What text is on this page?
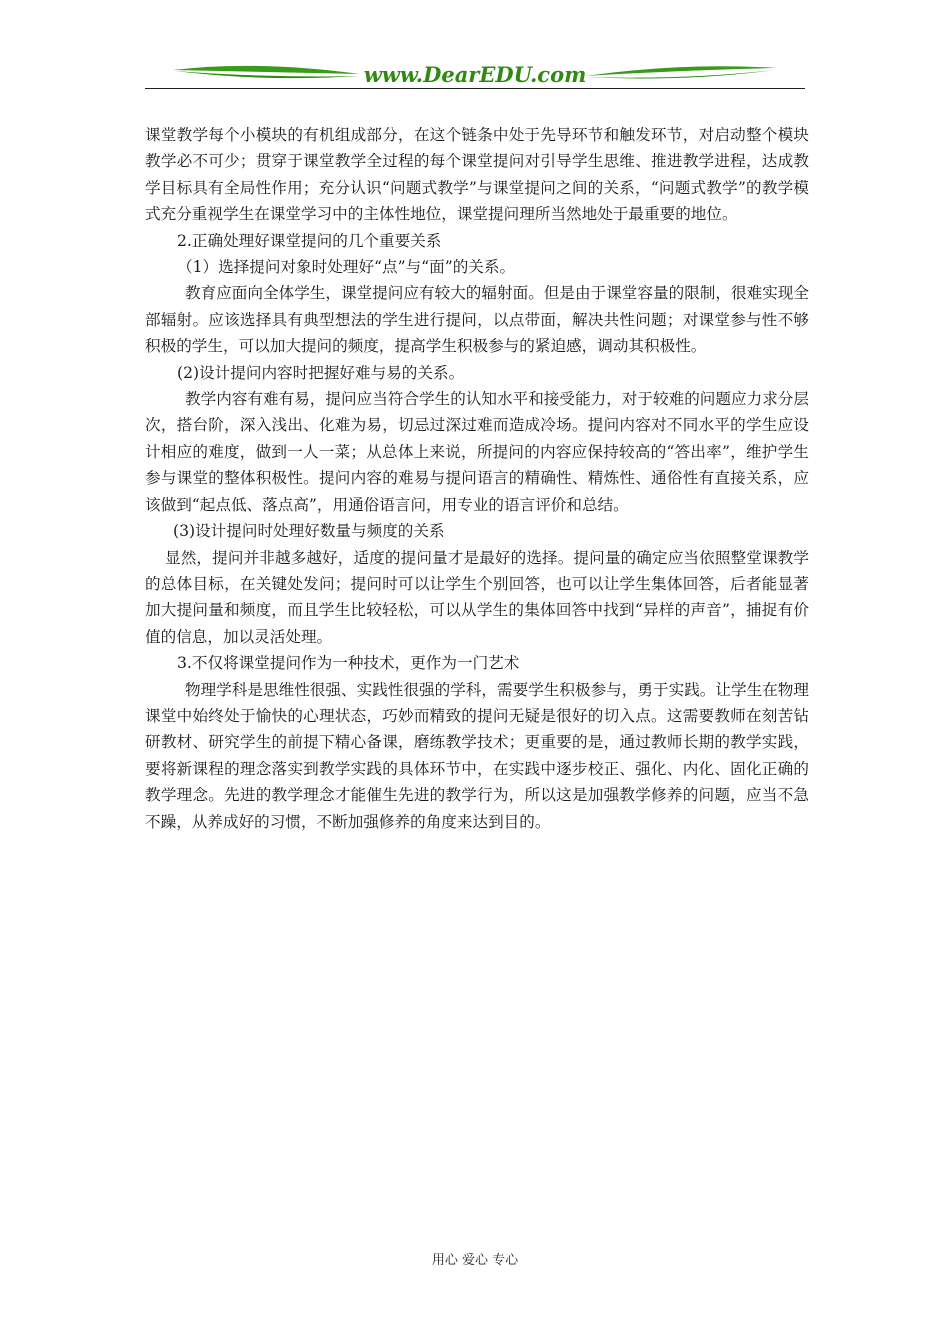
www.DearEDU.com

课堂教学每个小模块的有机组成部分，在这个链条中处于先导环节和触发环节，对启动整个模块教学必不可少；贯穿于课堂教学全过程的每个课堂提问对引导学生思维、推进教学进程，达成教学目标具有全局性作用；充分认识“问题式教学”与课堂提问之间的关系，“问题式教学”的教学模式充分重视学生在课堂学习中的主体性地位，课堂提问理所当然地处于最重要的地位。

2.正确处理好课堂提问的几个重要关系

（1）选择提问对象时处理好“点”与“面”的关系。

教育应面向全体学生，课堂提问应有较大的辐射面。但是由于课堂容量的限制，很难实现全部辐射。应该选择具有典型想法的学生进行提问，以点带面，解决共性问题；对课堂参与性不够积极的学生，可以加大提问的频度，提高学生积极参与的紧迫感，调动其积极性。

(2)设计提问内容时把握好难与易的关系。

教学内容有难有易，提问应当符合学生的认知水平和接受能力，对于较难的问题应力求分层次，搭台阶，深入浅出、化难为易，切忌过深过难而造成冷场。提问内容对不同水平的学生应设计相应的难度，做到一人一菜；从总体上来说，所提问的内容应保持较高的“答出率”，维护学生参与课堂的整体积极性。提问内容的难易与提问语言的精确性、精炼性、通俗性有直接关系，应该做到“起点低、落点高”，用通俗语言问，用专业的语言评价和总结。

(3)设计提问时处理好数量与频度的关系

显然，提问并非越多越好，适度的提问量才是最好的选择。提问量的确定应当依照整堂课教学的总体目标，在关键处发问；提问时可以让学生个别回答，也可以让学生集体回答，后者能显著加大提问量和频度，而且学生比较轻松，可以从学生的集体回答中找到“异样的声音”，捕捉有价值的信息，加以灵活处理。

3.不仅将课堂提问作为一种技术，更作为一门艺术

物理学科是思维性很强、实践性很强的学科，需要学生积极参与，勇于实践。让学生在物理课堂中始终处于愉快的心理状态，巧妙而精致的提问无疑是很好的切入点。这需要教师在刻苦钻研教材、研究学生的前提下精心备课，磨练教学技术；更重要的是，通过教师长期的教学实践，要将新课程的理念落实到教学实践的具体环节中，在实践中逐步校正、强化、内化、固化正确的教学理念。先进的教学理念才能催生先进的教学行为，所以这是加强教学修养的问题，应当不急不躁，从养成好的习惯，不断加强修养的角度来达到目的。

用心 爱心 专心
